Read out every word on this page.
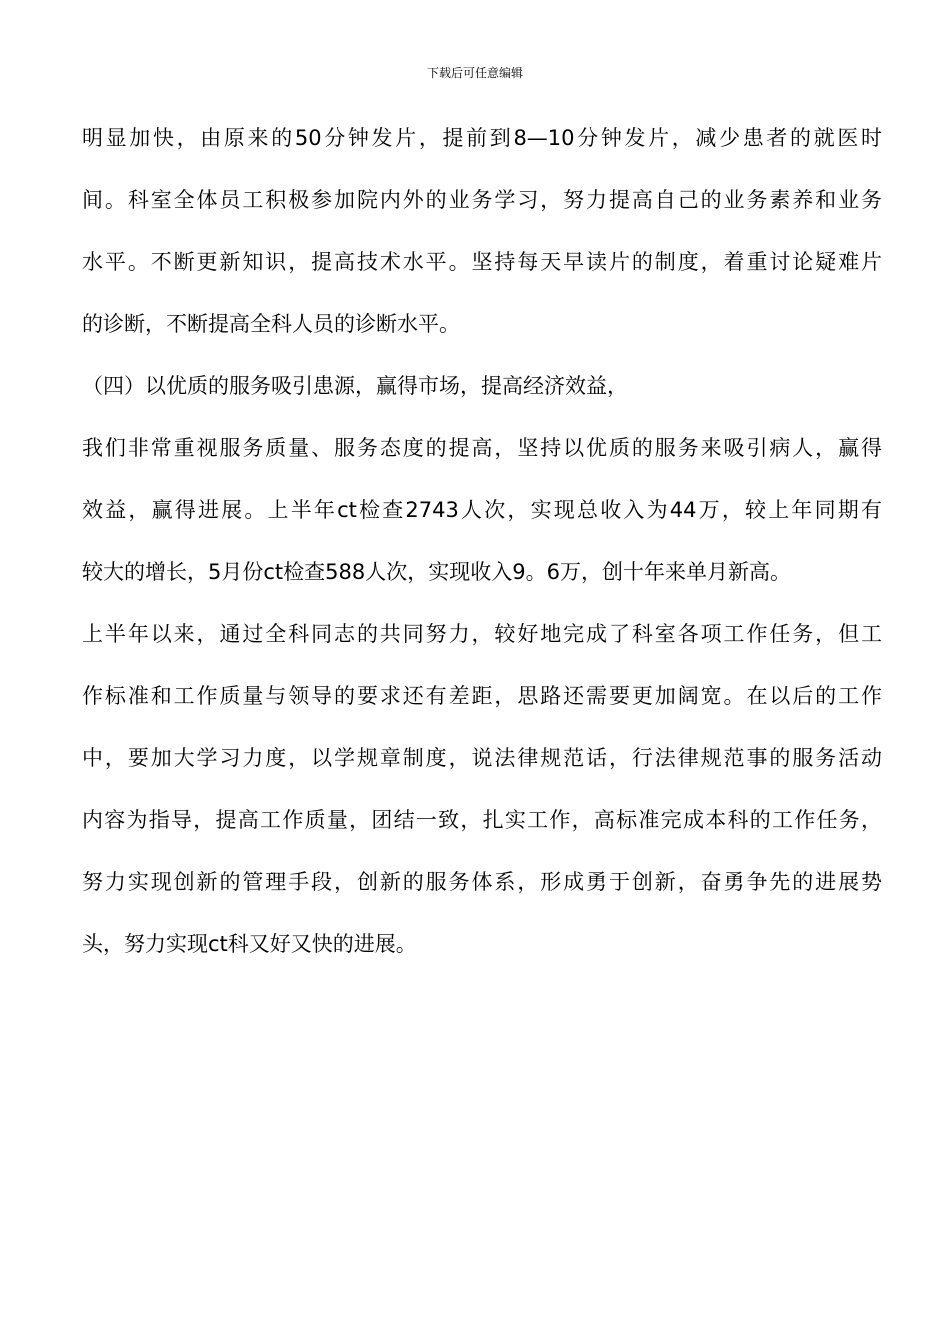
下载后可任意编辑
明显加快，由原来的50分钟发片，提前到8—10分钟发片，减少患者的就医时
间。科室全体员工积极参加院内外的业务学习，努力提高自己的业务素养和业务
水平。不断更新知识，提高技术水平。坚持每天早读片的制度，着重讨论疑难片
的诊断，不断提高全科人员的诊断水平。
（四）以优质的服务吸引患源，赢得市场，提高经济效益，
我们非常重视服务质量、服务态度的提高，坚持以优质的服务来吸引病人，赢得
效益，赢得进展。上半年ct检查2743人次，实现总收入为44万，较上年同期有
较大的增长，5月份ct检查588人次，实现收入9。6万，创十年来单月新高。
上半年以来，通过全科同志的共同努力，较好地完成了科室各项工作任务，但工
作标准和工作质量与领导的要求还有差距，思路还需要更加阔宽。在以后的工作
中，要加大学习力度，以学规章制度，说法律规范话，行法律规范事的服务活动
内容为指导，提高工作质量，团结一致，扎实工作，高标准完成本科的工作任务，
努力实现创新的管理手段，创新的服务体系，形成勇于创新，奋勇争先的进展势
头，努力实现ct科又好又快的进展。
